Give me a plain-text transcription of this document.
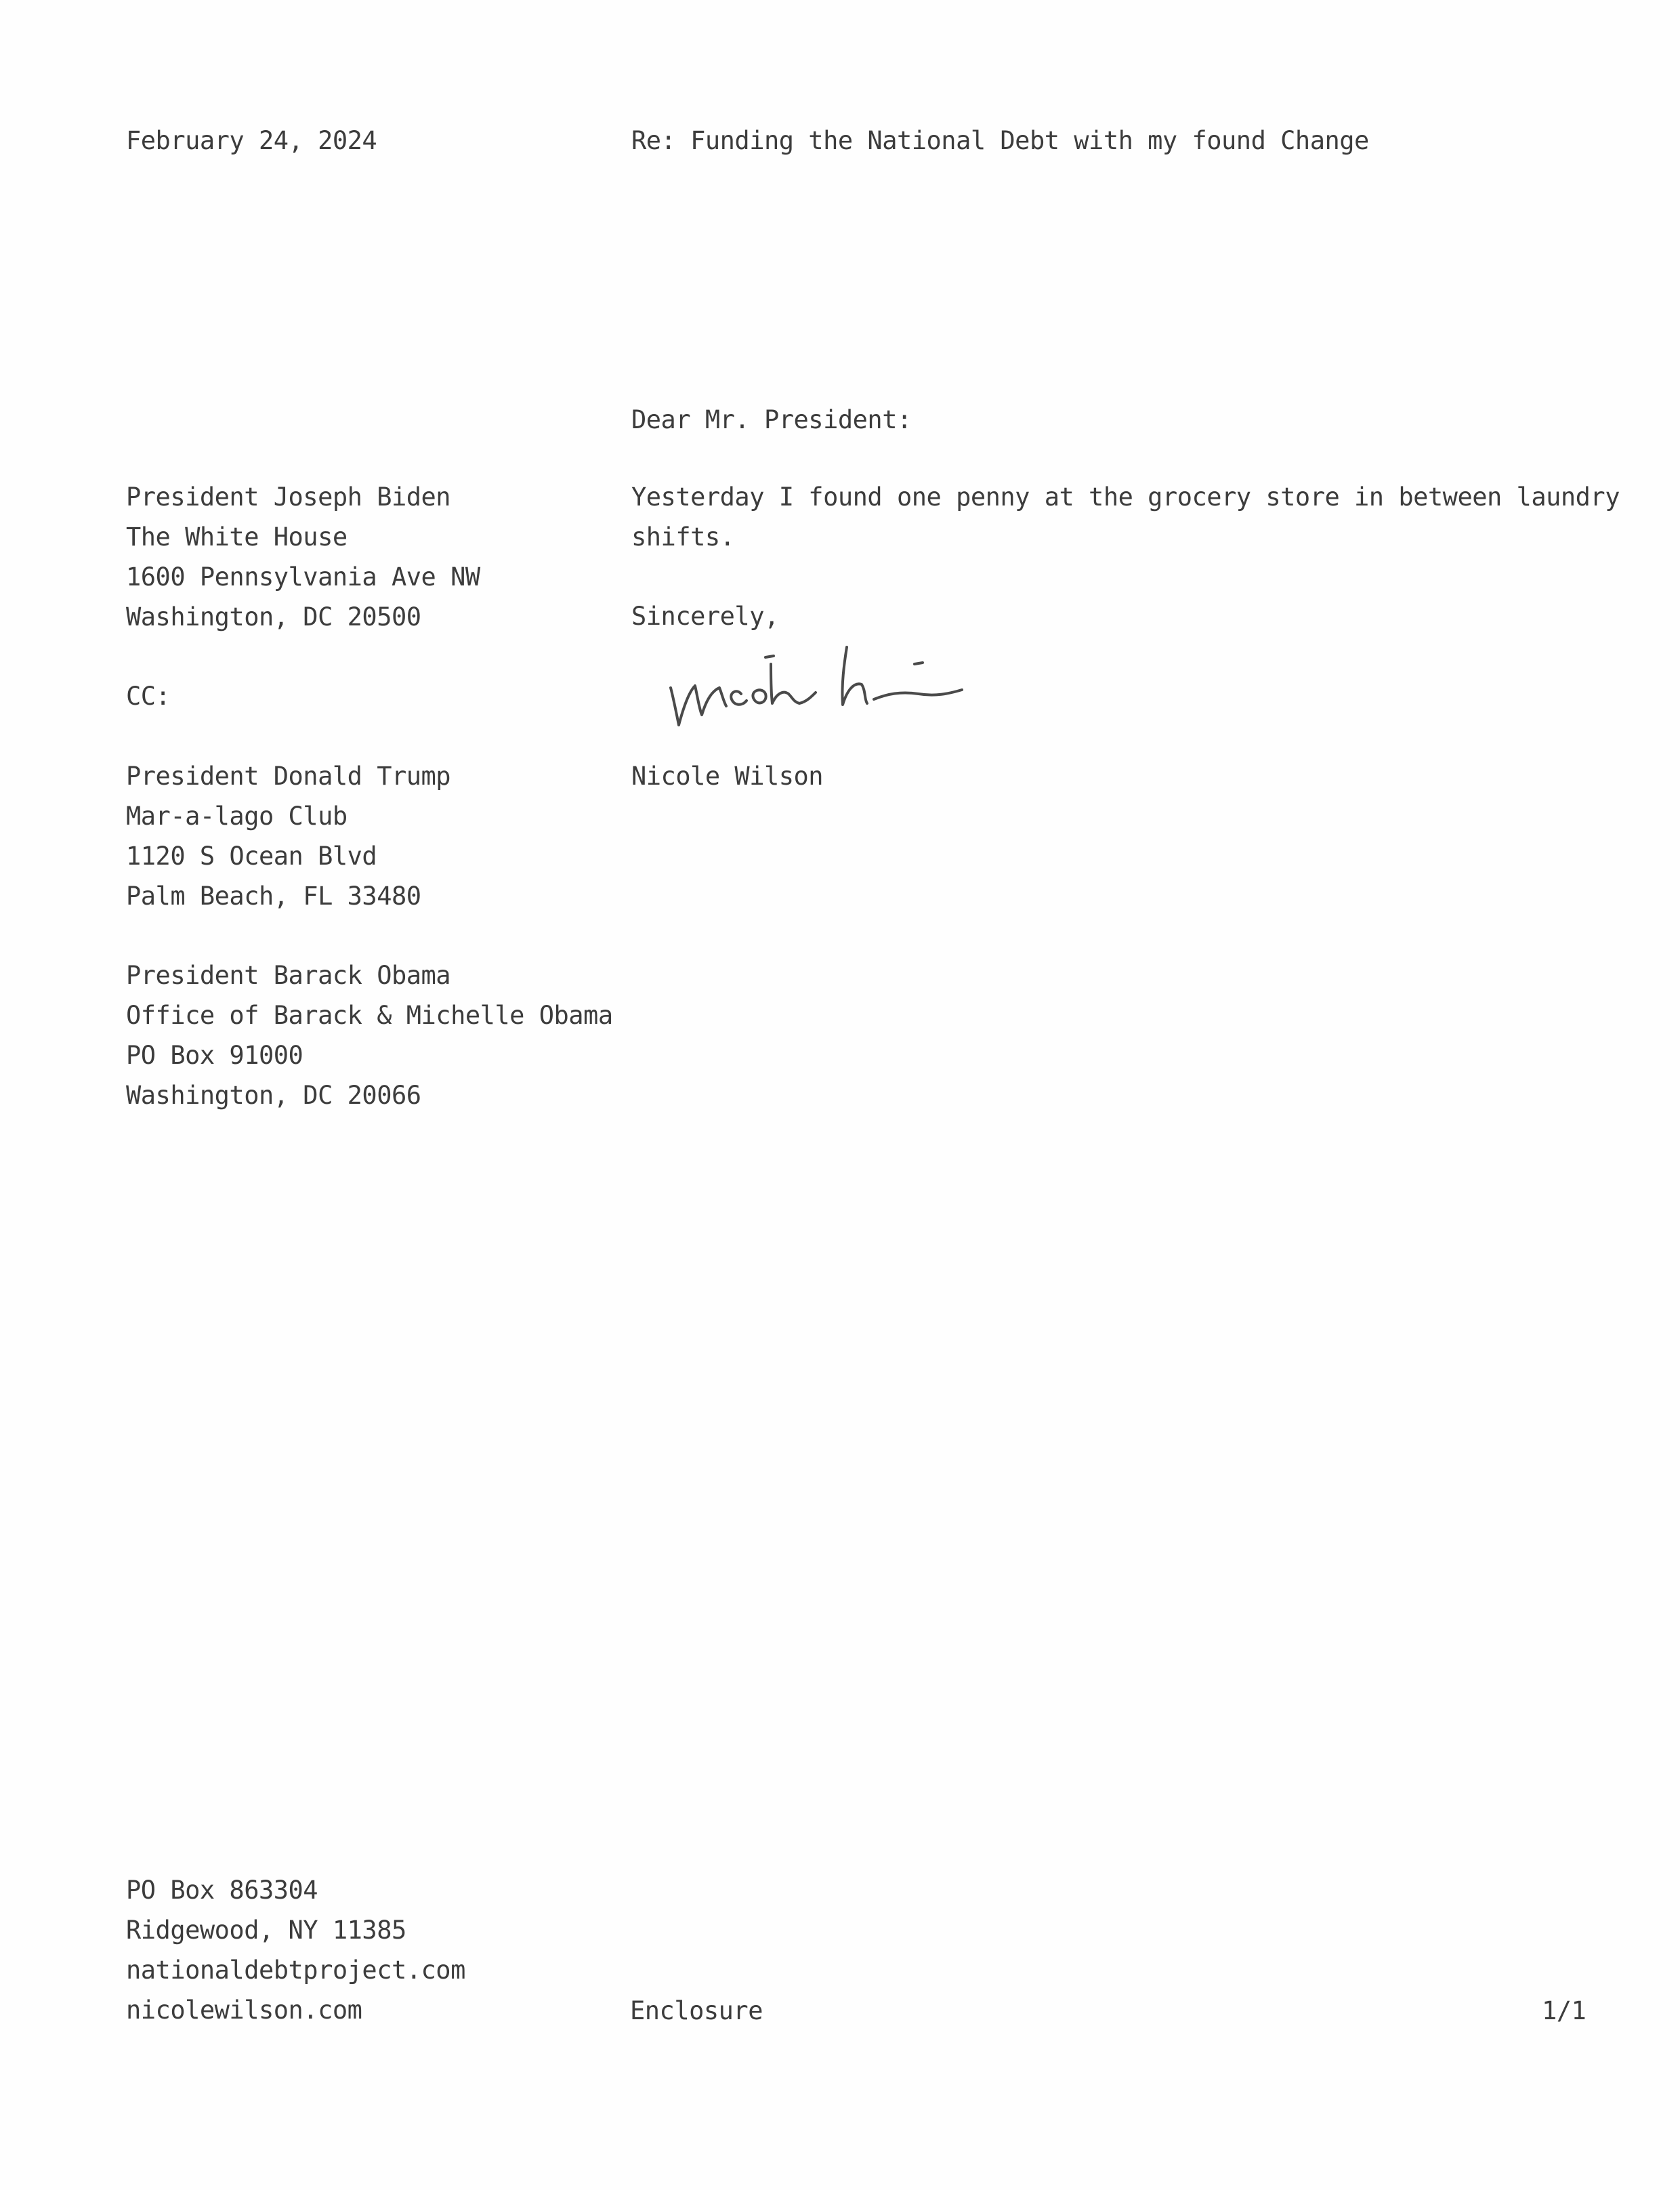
February 24, 2024	Re: Funding the National Debt with my found Change
Dear Mr. President:
President Joseph Biden
The White House
1600 Pennsylvania Ave NW
Washington, DC 20500
Yesterday I found one penny at the grocery store in between laundry
shifts.
Sincerely,
CC:
President Donald Trump
Mar-a-lago Club
1120 S Ocean Blvd
Palm Beach, FL 33480
Nicole Wilson
President Barack Obama
Office of Barack & Michelle Obama
PO Box 91000
Washington, DC 20066
PO Box 863304
Ridgewood, NY 11385
nationaldebtproject.com
nicolewilson.com	Enclosure	1/1
